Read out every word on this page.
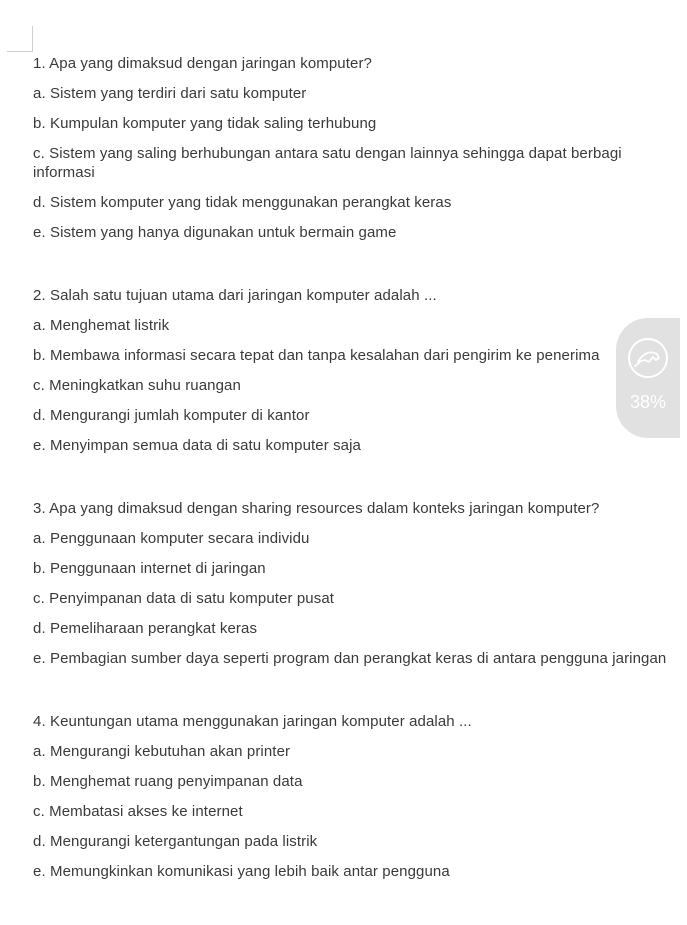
1. Apa yang dimaksud dengan jaringan komputer?
a. Sistem yang terdiri dari satu komputer
b. Kumpulan komputer yang tidak saling terhubung
c. Sistem yang saling berhubungan antara satu dengan lainnya sehingga dapat berbagi informasi
d. Sistem komputer yang tidak menggunakan perangkat keras
e. Sistem yang hanya digunakan untuk bermain game
2. Salah satu tujuan utama dari jaringan komputer adalah ...
a. Menghemat listrik
b. Membawa informasi secara tepat dan tanpa kesalahan dari pengirim ke penerima
c. Meningkatkan suhu ruangan
d. Mengurangi jumlah komputer di kantor
e. Menyimpan semua data di satu komputer saja
3. Apa yang dimaksud dengan sharing resources dalam konteks jaringan komputer?
a. Penggunaan komputer secara individu
b. Penggunaan internet di jaringan
c. Penyimpanan data di satu komputer pusat
d. Pemeliharaan perangkat keras
e. Pembagian sumber daya seperti program dan perangkat keras di antara pengguna jaringan
4. Keuntungan utama menggunakan jaringan komputer adalah ...
a. Mengurangi kebutuhan akan printer
b. Menghemat ruang penyimpanan data
c. Membatasi akses ke internet
d. Mengurangi ketergantungan pada listrik
e. Memungkinkan komunikasi yang lebih baik antar pengguna
38%
